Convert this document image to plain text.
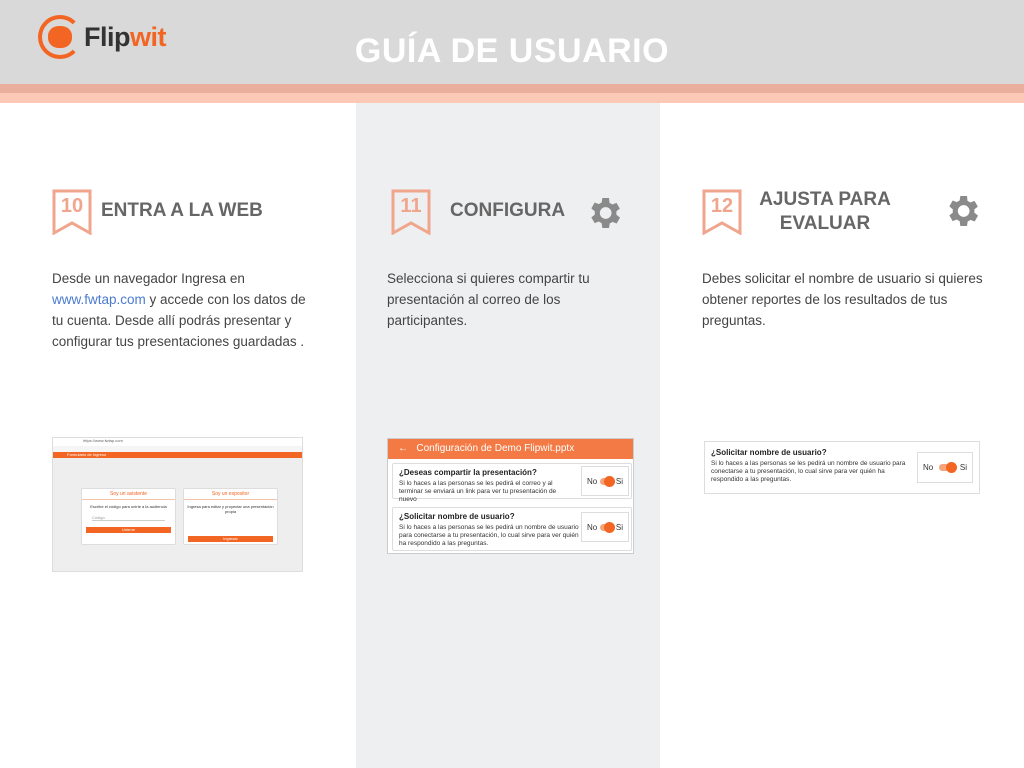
Flipwit	GUÍA DE USUARIO
10 ENTRA A LA WEB
Desde un navegador Ingresa en www.fwtap.com y accede con los datos de tu cuenta. Desde allí podrás presentar y configurar tus presentaciones guardadas .
https://www.fwtap.com
Formulario de Ingreso
Soy un asistente
Escribe el código para unirte a la audiencia
Código
Unirme
Soy un expositor
Ingresa para editar y proyectar una presentación propia
Ingresar
11	CONFIGURA
Selecciona si quieres compartir tu presentación al correo de los participantes.
← Configuración de Demo Flipwit.pptx
¿Deseas compartir la presentación?
Si lo haces a las personas se les pedirá el correo y al terminar se enviará un link para ver tu presentación de nuevo
No Si
¿Solicitar nombre de usuario?
Si lo haces a las personas se les pedirá un nombre de usuario para conectarse a tu presentación, lo cual sirve para ver quién ha respondido a las preguntas.
No Si
12	AJUSTA PARA EVALUAR
Debes solicitar el nombre de usuario si quieres obtener reportes de los resultados de tus preguntas.
¿Solicitar nombre de usuario?
Si lo haces a las personas se les pedirá un nombre de usuario para conectarse a tu presentación, lo cual sirve para ver quién ha respondido a las preguntas.
No	Si
